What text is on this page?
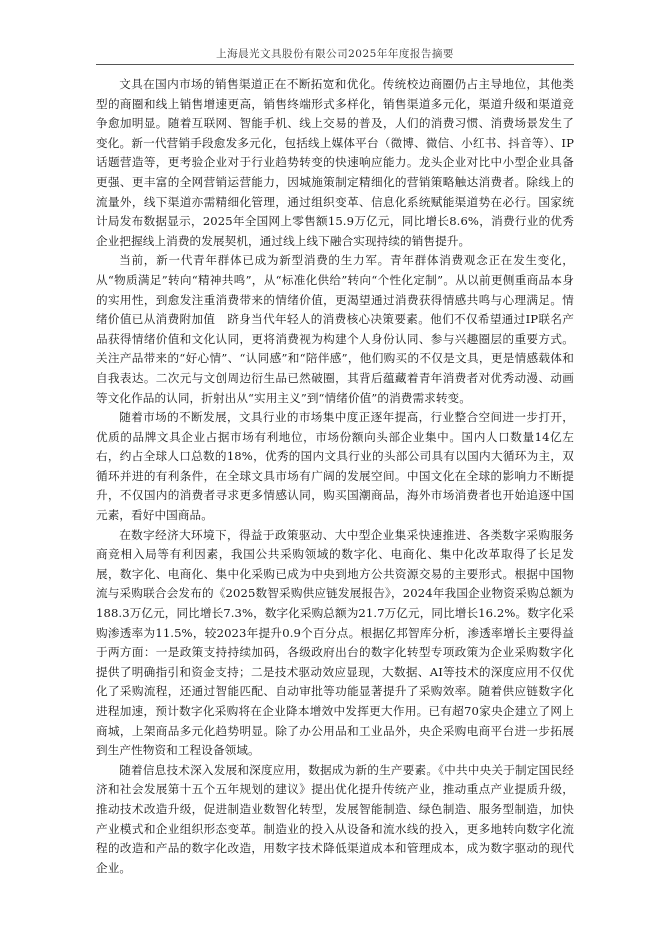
上海晨光文具股份有限公司2025年年度报告摘要

文具在国内市场的销售渠道正在不断拓宽和优化。传统校边商圈仍占主导地位，其他类型的商圈和线上销售增速更高，销售终端形式多样化，销售渠道多元化，渠道升级和渠道竞争愈加明显。随着互联网、智能手机、线上交易的普及，人们的消费习惯、消费场景发生了变化。新一代营销手段愈发多元化，包括线上媒体平台（微博、微信、小红书、抖音等）、IP话题营造等，更考验企业对于行业趋势转变的快速响应能力。龙头企业对比中小型企业具备更强、更丰富的全网营销运营能力，因城施策制定精细化的营销策略触达消费者。除线上的流量外，线下渠道亦需精细化管理，通过组织变革、信息化系统赋能渠道势在必行。国家统计局发布数据显示，2025年全国网上零售额15.9万亿元，同比增长8.6%，消费行业的优秀企业把握线上消费的发展契机，通过线上线下融合实现持续的销售提升。

当前，新一代青年群体已成为新型消费的生力军。青年群体消费观念正在发生变化，从“物质满足”转向“精神共鸣”，从“标准化供给”转向“个性化定制”。从以前更侧重商品本身的实用性，到愈发注重消费带来的情绪价值，更渴望通过消费获得情感共鸣与心理满足。情绪价值已从消费附加值　跻身当代年轻人的消费核心决策要素。他们不仅希望通过IP联名产品获得情绪价值和文化认同，更将消费视为构建个人身份认同、参与兴趣圈层的重要方式。关注产品带来的“好心情”、“认同感”和“陪伴感”，他们购买的不仅是文具，更是情感载体和自我表达。二次元与文创周边衍生品已然破圈，其背后蕴藏着青年消费者对优秀动漫、动画等文化作品的认同，折射出从“实用主义”到“情绪价值”的消费需求转变。

随着市场的不断发展，文具行业的市场集中度正逐年提高，行业整合空间进一步打开，优质的品牌文具企业占据市场有利地位，市场份额向头部企业集中。国内人口数量14亿左右，约占全球人口总数的18%，优秀的国内文具行业的头部公司具有以国内大循环为主，双循环并进的有利条件，在全球文具市场有广阔的发展空间。中国文化在全球的影响力不断提升，不仅国内的消费者寻求更多情感认同，购买国潮商品，海外市场消费者也开始追逐中国元素，看好中国商品。

在数字经济大环境下，得益于政策驱动、大中型企业集采快速推进、各类数字采购服务商竞相入局等有利因素，我国公共采购领域的数字化、电商化、集中化改革取得了长足发展，数字化、电商化、集中化采购已成为中央到地方公共资源交易的主要形式。根据中国物流与采购联合会发布的《2025数智采购供应链发展报告》，2024年我国企业物资采购总额为188.3万亿元，同比增长7.3%，数字化采购总额为21.7万亿元，同比增长16.2%。数字化采购渗透率为11.5%，较2023年提升0.9个百分点。根据亿邦智库分析，渗透率增长主要得益于两方面：一是政策支持持续加码，各级政府出台的数字化转型专项政策为企业采购数字化提供了明确指引和资金支持；二是技术驱动效应显现，大数据、AI等技术的深度应用不仅优化了采购流程，还通过智能匹配、自动审批等功能显著提升了采购效率。随着供应链数字化进程加速，预计数字化采购将在企业降本增效中发挥更大作用。已有超70家央企建立了网上商城，上架商品多元化趋势明显。除了办公用品和工业品外，央企采购电商平台进一步拓展到生产性物资和工程设备领域。

随着信息技术深入发展和深度应用，数据成为新的生产要素。《中共中央关于制定国民经济和社会发展第十五个五年规划的建议》提出优化提升传统产业，推动重点产业提质升级，推动技术改造升级，促进制造业数智化转型，发展智能制造、绿色制造、服务型制造，加快产业模式和企业组织形态变革。制造业的投入从设备和流水线的投入，更多地转向数字化流程的改造和产品的数字化改造，用数字技术降低渠道成本和管理成本，成为数字驱动的现代企业。
